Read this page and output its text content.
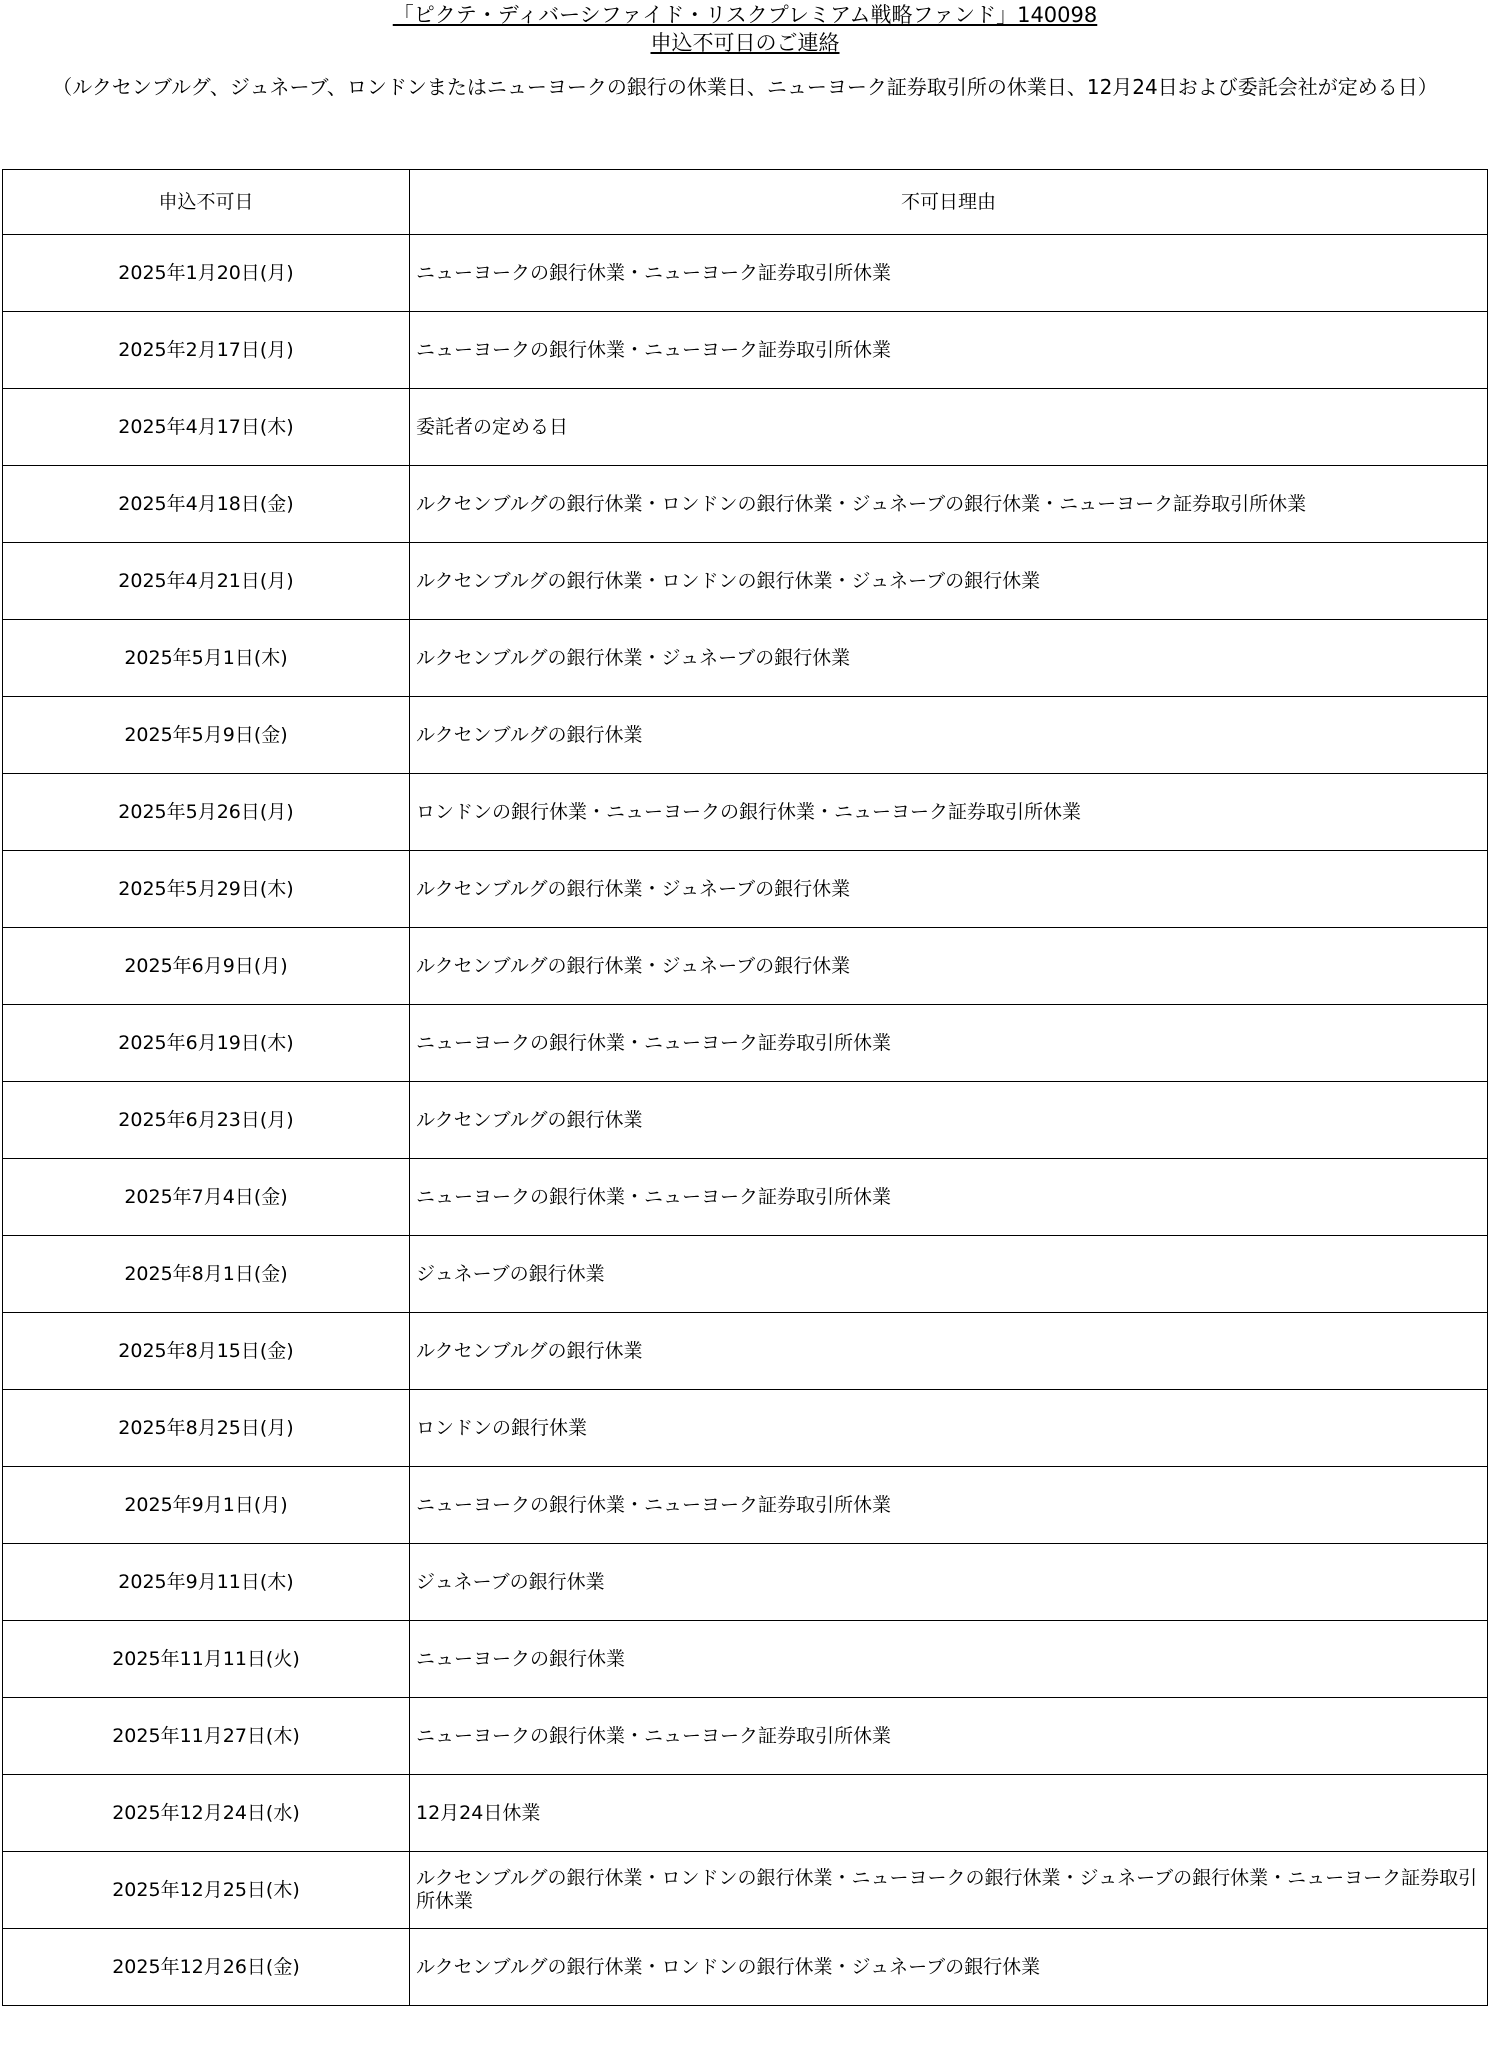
「ピクテ・ディバーシファイド・リスクプレミアム戦略ファンド」140098
申込不可日のご連絡
（ルクセンブルグ、ジュネーブ、ロンドンまたはニューヨークの銀行の休業日、ニューヨーク証券取引所の休業日、12月24日および委託会社が定める日）
申込不可日	不可日理由
2025年1月20日(月)	ニューヨークの銀行休業・ニューヨーク証券取引所休業
2025年2月17日(月)	ニューヨークの銀行休業・ニューヨーク証券取引所休業
2025年4月17日(木)	委託者の定める日
2025年4月18日(金)	ルクセンブルグの銀行休業・ロンドンの銀行休業・ジュネーブの銀行休業・ニューヨーク証券取引所休業
2025年4月21日(月)	ルクセンブルグの銀行休業・ロンドンの銀行休業・ジュネーブの銀行休業
2025年5月1日(木)	ルクセンブルグの銀行休業・ジュネーブの銀行休業
2025年5月9日(金)	ルクセンブルグの銀行休業
2025年5月26日(月)	ロンドンの銀行休業・ニューヨークの銀行休業・ニューヨーク証券取引所休業
2025年5月29日(木)	ルクセンブルグの銀行休業・ジュネーブの銀行休業
2025年6月9日(月)	ルクセンブルグの銀行休業・ジュネーブの銀行休業
2025年6月19日(木)	ニューヨークの銀行休業・ニューヨーク証券取引所休業
2025年6月23日(月)	ルクセンブルグの銀行休業
2025年7月4日(金)	ニューヨークの銀行休業・ニューヨーク証券取引所休業
2025年8月1日(金)	ジュネーブの銀行休業
2025年8月15日(金)	ルクセンブルグの銀行休業
2025年8月25日(月)	ロンドンの銀行休業
2025年9月1日(月)	ニューヨークの銀行休業・ニューヨーク証券取引所休業
2025年9月11日(木)	ジュネーブの銀行休業
2025年11月11日(火)	ニューヨークの銀行休業
2025年11月27日(木)	ニューヨークの銀行休業・ニューヨーク証券取引所休業
2025年12月24日(水)	12月24日休業
2025年12月25日(木)	ルクセンブルグの銀行休業・ロンドンの銀行休業・ニューヨークの銀行休業・ジュネーブの銀行休業・ニューヨーク証券取引所休業
2025年12月26日(金)	ルクセンブルグの銀行休業・ロンドンの銀行休業・ジュネーブの銀行休業
